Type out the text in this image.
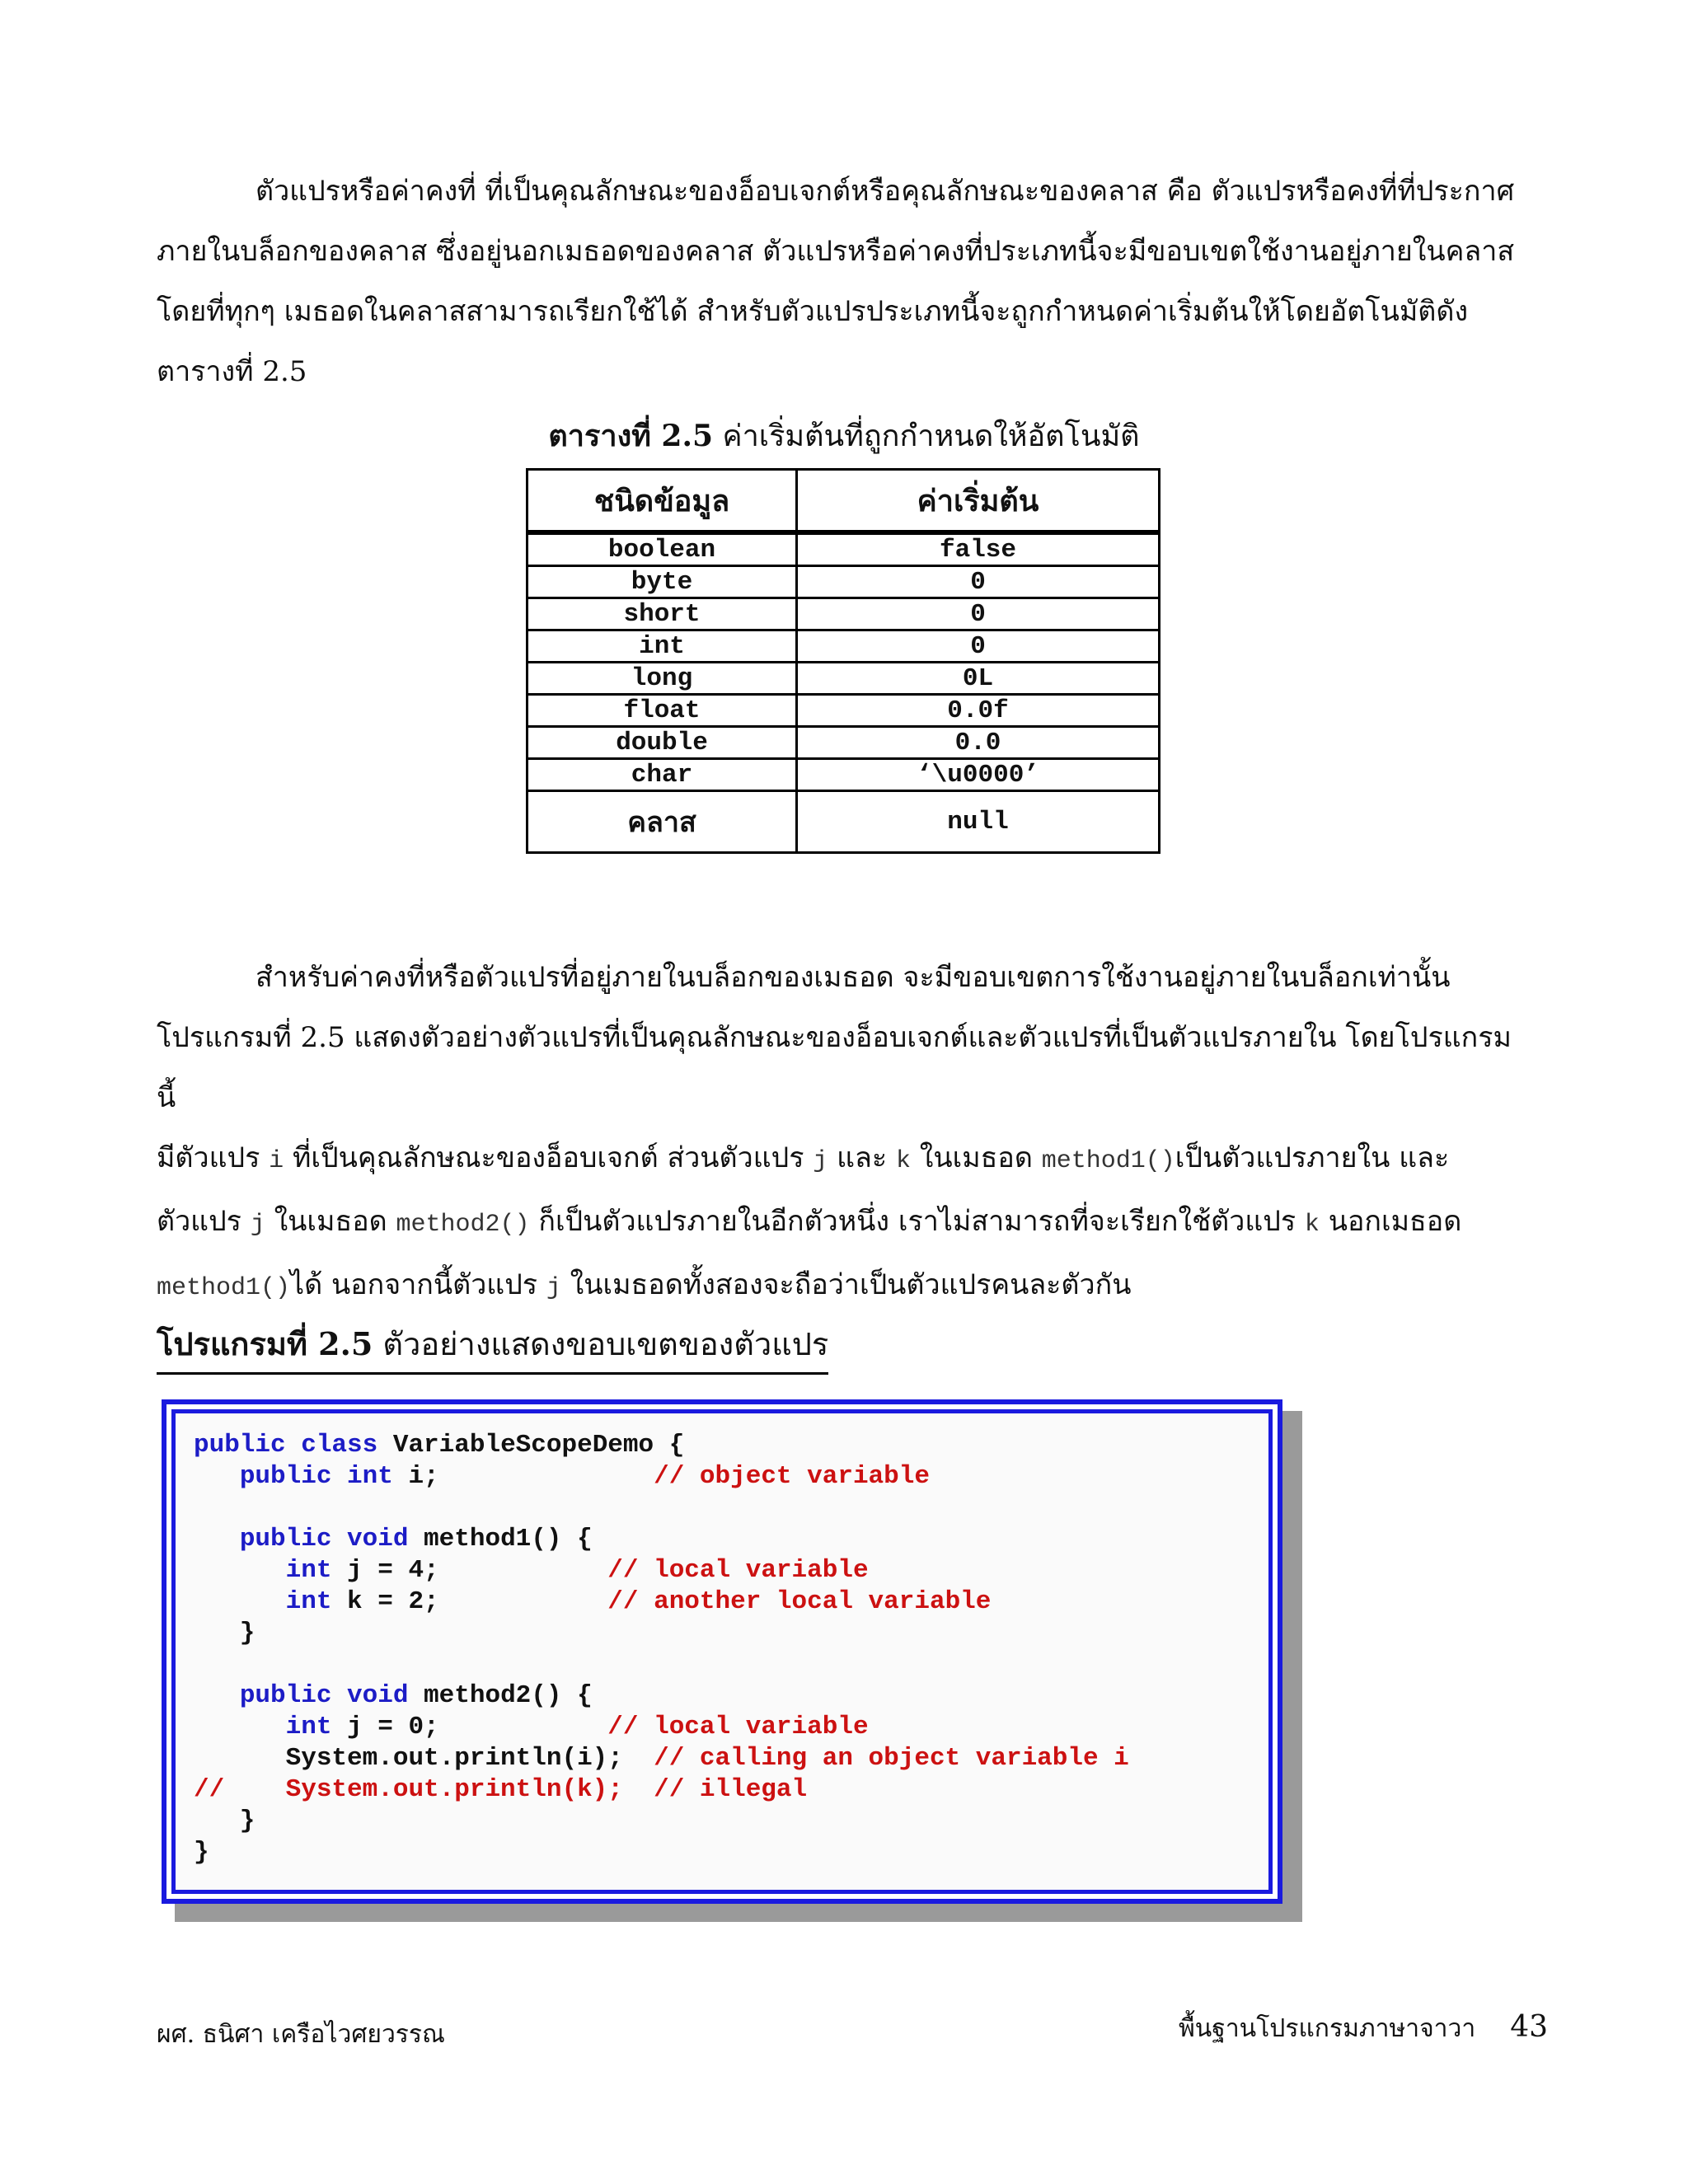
ตัวแปรหรือค่าคงที่ ที่เป็นคุณลักษณะของอ็อบเจกต์หรือคุณลักษณะของคลาส คือ ตัวแปรหรือคงที่ที่ประกาศ
ภายในบล็อกของคลาส ซึ่งอยู่นอกเมธอดของคลาส ตัวแปรหรือค่าคงที่ประเภทนี้จะมีขอบเขตใช้งานอยู่ภายในคลาส
โดยที่ทุกๆ เมธอดในคลาสสามารถเรียกใช้ได้ สำหรับตัวแปรประเภทนี้จะถูกกำหนดค่าเริ่มต้นให้โดยอัตโนมัติดัง
ตารางที่ 2.5

ตารางที่ 2.5 ค่าเริ่มต้นที่ถูกกำหนดให้อัตโนมัติ
ชนิดข้อมูล	ค่าเริ่มต้น
boolean	false
byte	0
short	0
int	0
long	0L
float	0.0f
double	0.0
char	‘\u0000’
คลาส	null

สำหรับค่าคงที่หรือตัวแปรที่อยู่ภายในบล็อกของเมธอด จะมีขอบเขตการใช้งานอยู่ภายในบล็อกเท่านั้น
โปรแกรมที่ 2.5 แสดงตัวอย่างตัวแปรที่เป็นคุณลักษณะของอ็อบเจกต์และตัวแปรที่เป็นตัวแปรภายใน โดยโปรแกรมนี้
มีตัวแปร i ที่เป็นคุณลักษณะของอ็อบเจกต์ ส่วนตัวแปร j และ k ในเมธอด method1()เป็นตัวแปรภายใน และ
ตัวแปร j ในเมธอด method2() ก็เป็นตัวแปรภายในอีกตัวหนึ่ง เราไม่สามารถที่จะเรียกใช้ตัวแปร k นอกเมธอด
method1()ได้ นอกจากนี้ตัวแปร j ในเมธอดทั้งสองจะถือว่าเป็นตัวแปรคนละตัวกัน

โปรแกรมที่ 2.5 ตัวอย่างแสดงขอบเขตของตัวแปร
public class VariableScopeDemo {
public int i;              // object variable
public void method1() {
int j = 4;           // local variable
int k = 2;           // another local variable
}
public void method2() {
int j = 0;           // local variable
System.out.println(i);  // calling an object variable i
//    System.out.println(k);  // illegal
}
}
ผศ. ธนิศา เครือไวศยวรรณ	พื้นฐานโปรแกรมภาษาจาวา 43
